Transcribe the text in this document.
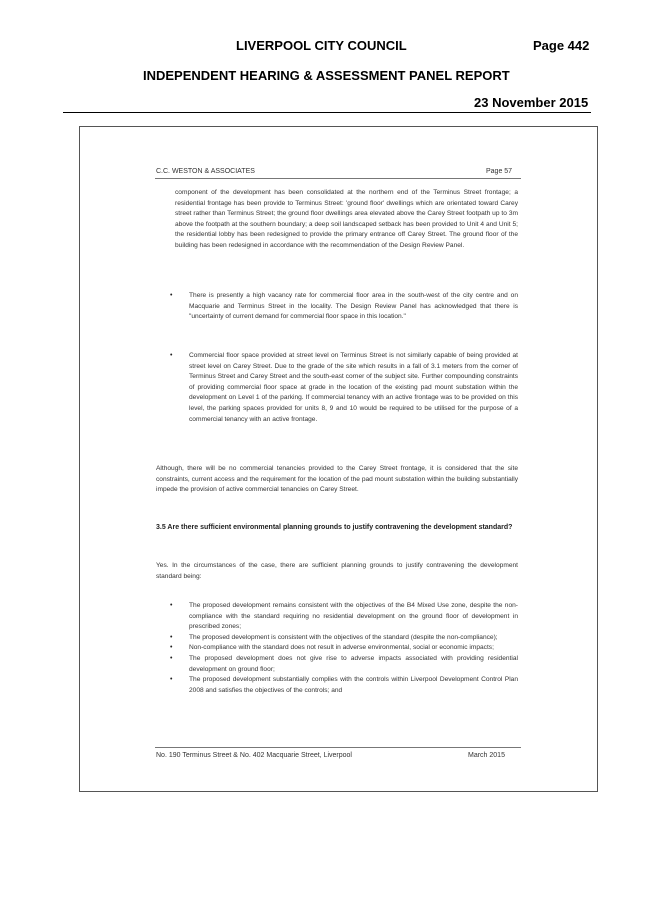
LIVERPOOL CITY COUNCIL	Page 442
INDEPENDENT HEARING & ASSESSMENT PANEL REPORT
23 November 2015
C.C. WESTON & ASSOCIATES	Page 57
component of the development has been consolidated at the northern end of the Terminus Street frontage; a residential frontage has been provide to Terminus Street: 'ground floor' dwellings which are orientated toward Carey street rather than Terminus Street; the ground floor dwellings area elevated above the Carey Street footpath up to 3m above the footpath at the southern boundary; a deep soil landscaped setback has been provided to Unit 4 and Unit 5; the residential lobby has been redesigned to provide the primary entrance off Carey Street. The ground floor of the building has been redesigned in accordance with the recommendation of the Design Review Panel.
•	There is presently a high vacancy rate for commercial floor area in the south-west of the city centre and on Macquarie and Terminus Street in the locality. The Design Review Panel has acknowledged that there is "uncertainty of current demand for commercial floor space in this location."
•	Commercial floor space provided at street level on Terminus Street is not similarly capable of being provided at street level on Carey Street. Due to the grade of the site which results in a fall of 3.1 meters from the corner of Terminus Street and Carey Street and the south-east corner of the subject site. Further compounding constraints of providing commercial floor space at grade in the location of the existing pad mount substation within the development on Level 1 of the parking. If commercial tenancy with an active frontage was to be provided on this level, the parking spaces provided for units 8, 9 and 10 would be required to be utilised for the purpose of a commercial tenancy with an active frontage.
Although, there will be no commercial tenancies provided to the Carey Street frontage, it is considered that the site constraints, current access and the requirement for the location of the pad mount substation within the building substantially impede the provision of active commercial tenancies on Carey Street.
3.5 Are there sufficient environmental planning grounds to justify contravening the development standard?
Yes. In the circumstances of the case, there are sufficient planning grounds to justify contravening the development standard being:
•	The proposed development remains consistent with the objectives of the B4 Mixed Use zone, despite the non-compliance with the standard requiring no residential development on the ground floor of development in prescribed zones;
•	The proposed development is consistent with the objectives of the standard (despite the non-compliance);
•	Non-compliance with the standard does not result in adverse environmental, social or economic impacts;
•	The proposed development does not give rise to adverse impacts associated with providing residential development on ground floor;
•	The proposed development substantially complies with the controls within Liverpool Development Control Plan 2008 and satisfies the objectives of the controls; and
No. 190 Terminus Street & No. 402 Macquarie Street, Liverpool	March 2015
